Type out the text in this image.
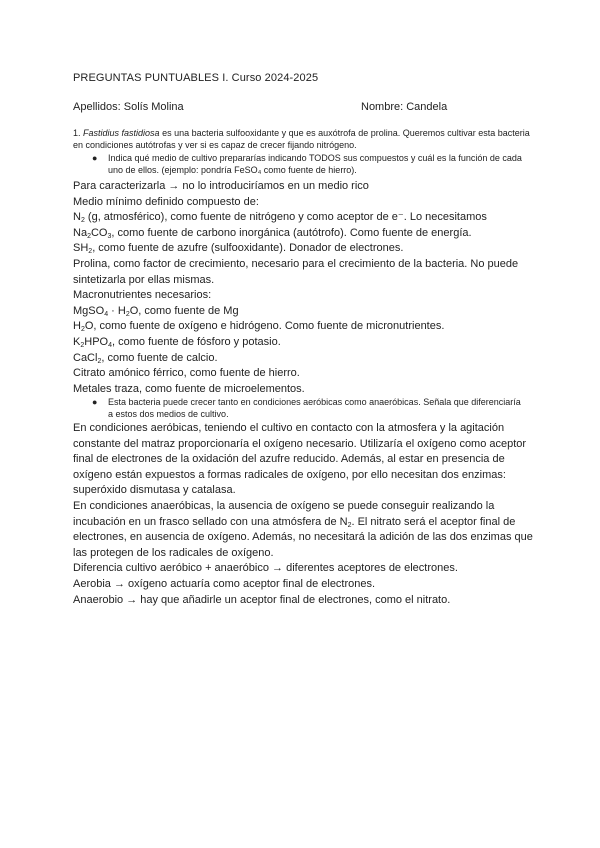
PREGUNTAS PUNTUABLES I. Curso 2024-2025
Apellidos: Solís Molina	Nombre: Candela
1. Fastidius fastidiosa es una bacteria sulfooxidante y que es auxótrofa de prolina. Queremos cultivar esta bacteria en condiciones autótrofas y ver si es capaz de crecer fijando nitrógeno.
● Indica qué medio de cultivo prepararías indicando TODOS sus compuestos y cuál es la función de cada uno de ellos. (ejemplo: pondría FeSO₄ como fuente de hierro).

Para caracterizarla → no lo introduciríamos en un medio rico

Medio mínimo definido compuesto de:

$N_2$ (g, atmosférico), como fuente de nitrógeno y como aceptor de e⁻. Lo necesitamos

$Na_2CO_3$, como fuente de carbono inorgánica (autótrofo). Como fuente de energía.

$SH_2$, como fuente de azufre (sulfooxidante). Donador de electrones.

Prolina, como factor de crecimiento, necesario para el crecimiento de la bacteria. No puede sintetizarla por ellas mismas.

Macronutrientes necesarios:

MgSO$_4$ · $H_2O$, como fuente de Mg

$H_2O$, como fuente de oxígeno e hidrógeno. Como fuente de micronutrientes.

$K_2HPO_4$, como fuente de fósforo y potasio.

CaCl$_2$, como fuente de calcio.

Citrato amónico férrico, como fuente de hierro.

Metales traza, como fuente de microelementos.

● Esta bacteria puede crecer tanto en condiciones aeróbicas como anaeróbicas. Señala que diferenciaría a estos dos medios de cultivo.

En condiciones aeróbicas, teniendo el cultivo en contacto con la atmosfera y la agitación constante del matraz proporcionaría el oxígeno necesario. Utilizaría el oxígeno como aceptor final de electrones de la oxidación del azufre reducido. Además, al estar en presencia de oxígeno están expuestos a formas radicales de oxígeno, por ello necesitan dos enzimas: superóxido dismutasa y catalasa.

En condiciones anaeróbicas, la ausencia de oxígeno se puede conseguir realizando la incubación en un frasco sellado con una atmósfera de $N_2$. El nitrato será el aceptor final de electrones, en ausencia de oxígeno. Además, no necesitará la adición de las dos enzimas que las protegen de los radicales de oxígeno.

Diferencia cultivo aeróbico + anaeróbico → diferentes aceptores de electrones.

Aerobia → oxígeno actuaría como aceptor final de electrones.

Anaerobio → hay que añadirle un aceptor final de electrones, como el nitrato.
